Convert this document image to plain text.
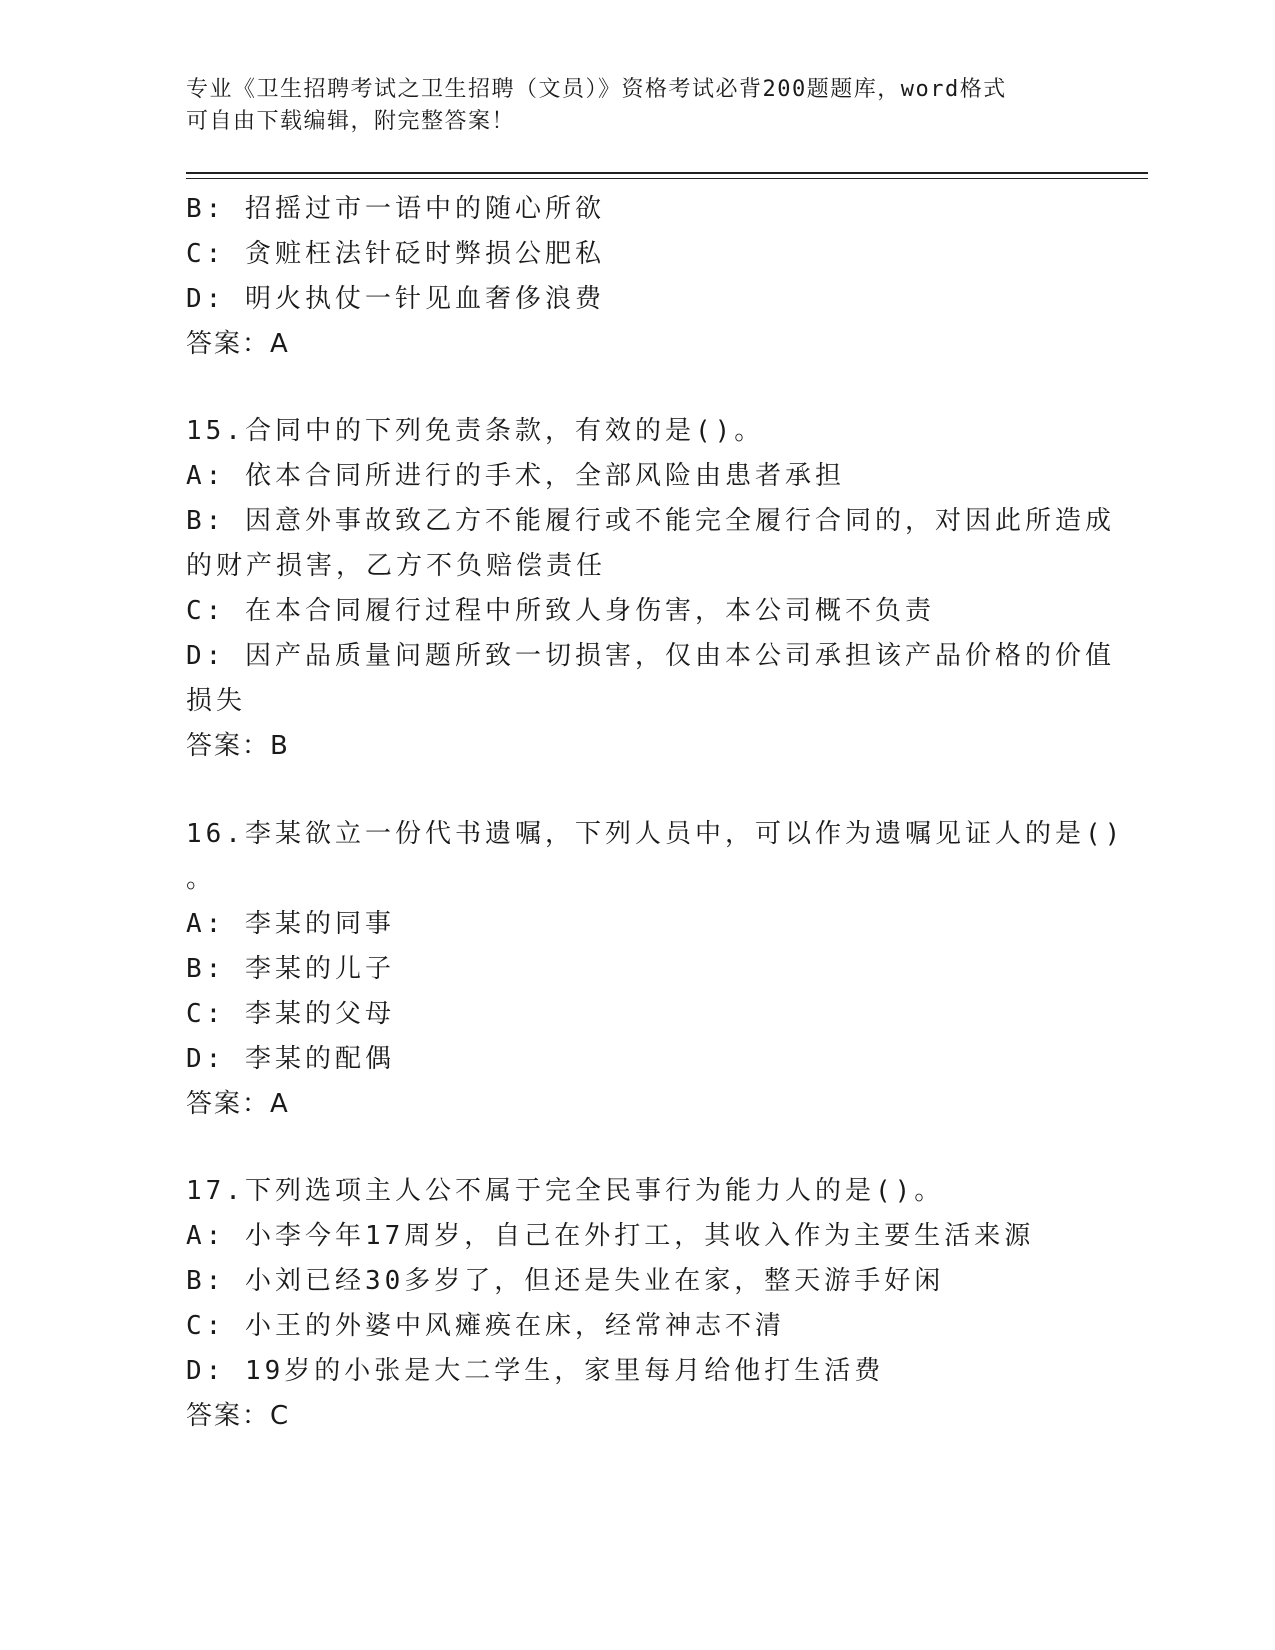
专业《卫生招聘考试之卫生招聘（文员）》资格考试必背200题题库，word格式
可自由下载编辑，附完整答案！
B: 招摇过市一语中的随心所欲
C: 贪赃枉法针砭时弊损公肥私
D: 明火执仗一针见血奢侈浪费
答案：A
15.合同中的下列免责条款，有效的是()。
A: 依本合同所进行的手术，全部风险由患者承担
B: 因意外事故致乙方不能履行或不能完全履行合同的，对因此所造成
的财产损害，乙方不负赔偿责任
C: 在本合同履行过程中所致人身伤害，本公司概不负责
D: 因产品质量问题所致一切损害，仅由本公司承担该产品价格的价值
损失
答案：B
16.李某欲立一份代书遗嘱，下列人员中，可以作为遗嘱见证人的是()
。
A: 李某的同事
B: 李某的儿子
C: 李某的父母
D: 李某的配偶
答案：A
17.下列选项主人公不属于完全民事行为能力人的是()。
A: 小李今年17周岁，自己在外打工，其收入作为主要生活来源
B: 小刘已经30多岁了，但还是失业在家，整天游手好闲
C: 小王的外婆中风瘫痪在床，经常神志不清
D: 19岁的小张是大二学生，家里每月给他打生活费
答案：C
